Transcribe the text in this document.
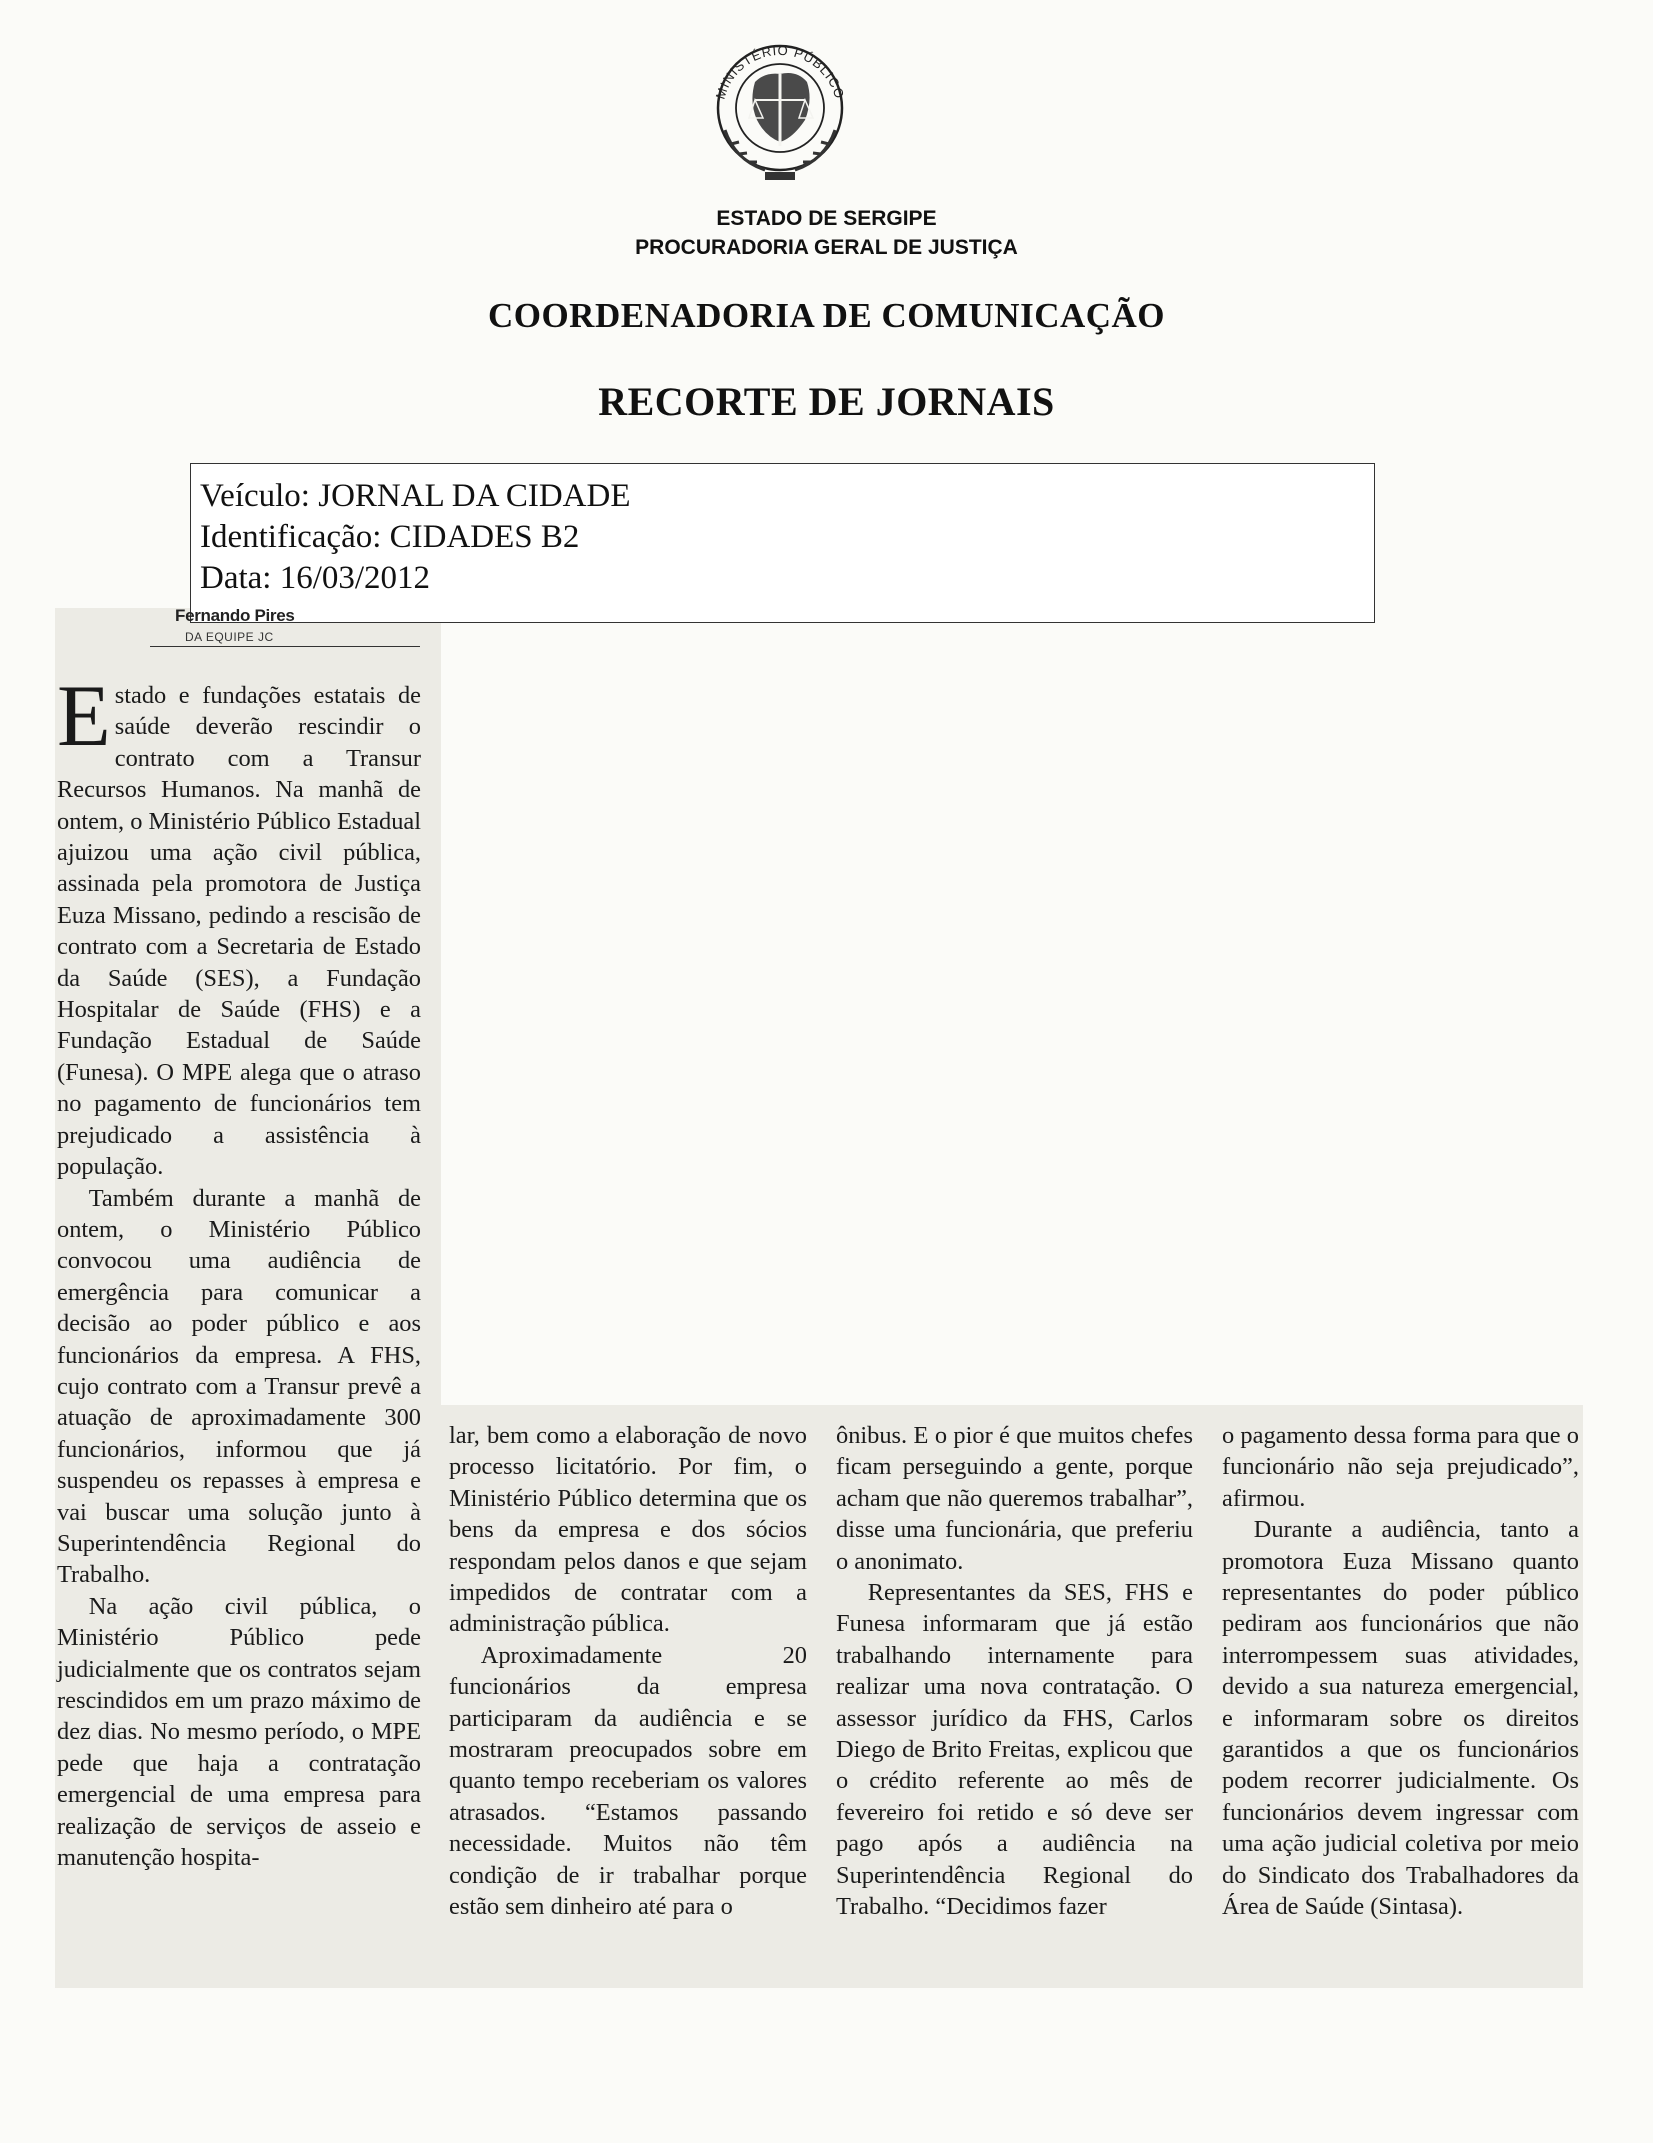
MINISTÉRIO PÚBLICO
ESTADO DE SERGIPE
PROCURADORIA GERAL DE JUSTIÇA
COORDENADORIA DE COMUNICAÇÃO
RECORTE DE JORNAIS
Veículo: JORNAL DA CIDADE
Identificação: CIDADES B2
Data: 16/03/2012
Fernando Pires
DA EQUIPE JC

Estado e fundações estatais de saúde deverão rescindir o contrato com a Transur Recursos Humanos. Na manhã de ontem, o Ministério Público Estadual ajuizou uma ação civil pública, assinada pela promotora de Justiça Euza Missano, pedindo a rescisão de contrato com a Secretaria de Estado da Saúde (SES), a Fundação Hospitalar de Saúde (FHS) e a Fundação Estadual de Saúde (Funesa). O MPE alega que o atraso no pagamento de funcionários tem prejudicado a assistência à população.

Também durante a manhã de ontem, o Ministério Público convocou uma audiência de emergência para comunicar a decisão ao poder público e aos funcionários da empresa. A FHS, cujo contrato com a Transur prevê a atuação de aproximadamente 300 funcionários, informou que já suspendeu os repasses à empresa e vai buscar uma solução junto à Superintendência Regional do Trabalho.

Na ação civil pública, o Ministério Público pede judicialmente que os contratos sejam rescindidos em um prazo máximo de dez dias. No mesmo período, o MPE pede que haja a contratação emergencial de uma empresa para realização de serviços de asseio e manutenção hospita-

lar, bem como a elaboração de novo processo licitatório. Por fim, o Ministério Público determina que os bens da empresa e dos sócios respondam pelos danos e que sejam impedidos de contratar com a administração pública.

Aproximadamente 20 funcionários da empresa participaram da audiência e se mostraram preocupados sobre em quanto tempo receberiam os valores atrasados. “Estamos passando necessidade. Muitos não têm condição de ir trabalhar porque estão sem dinheiro até para o

ônibus. E o pior é que muitos chefes ficam perseguindo a gente, porque acham que não queremos trabalhar”, disse uma funcionária, que preferiu o anonimato.

Representantes da SES, FHS e Funesa informaram que já estão trabalhando internamente para realizar uma nova contratação. O assessor jurídico da FHS, Carlos Diego de Brito Freitas, explicou que o crédito referente ao mês de fevereiro foi retido e só deve ser pago após a audiência na Superintendência Regional do Trabalho. “Decidimos fazer

o pagamento dessa forma para que o funcionário não seja prejudicado”, afirmou.

Durante a audiência, tanto a promotora Euza Missano quanto representantes do poder público pediram aos funcionários que não interrompessem suas atividades, devido a sua natureza emergencial, e informaram sobre os direitos garantidos a que os funcionários podem recorrer judicialmente. Os funcionários devem ingressar com uma ação judicial coletiva por meio do Sindicato dos Trabalhadores da Área de Saúde (Sintasa).
